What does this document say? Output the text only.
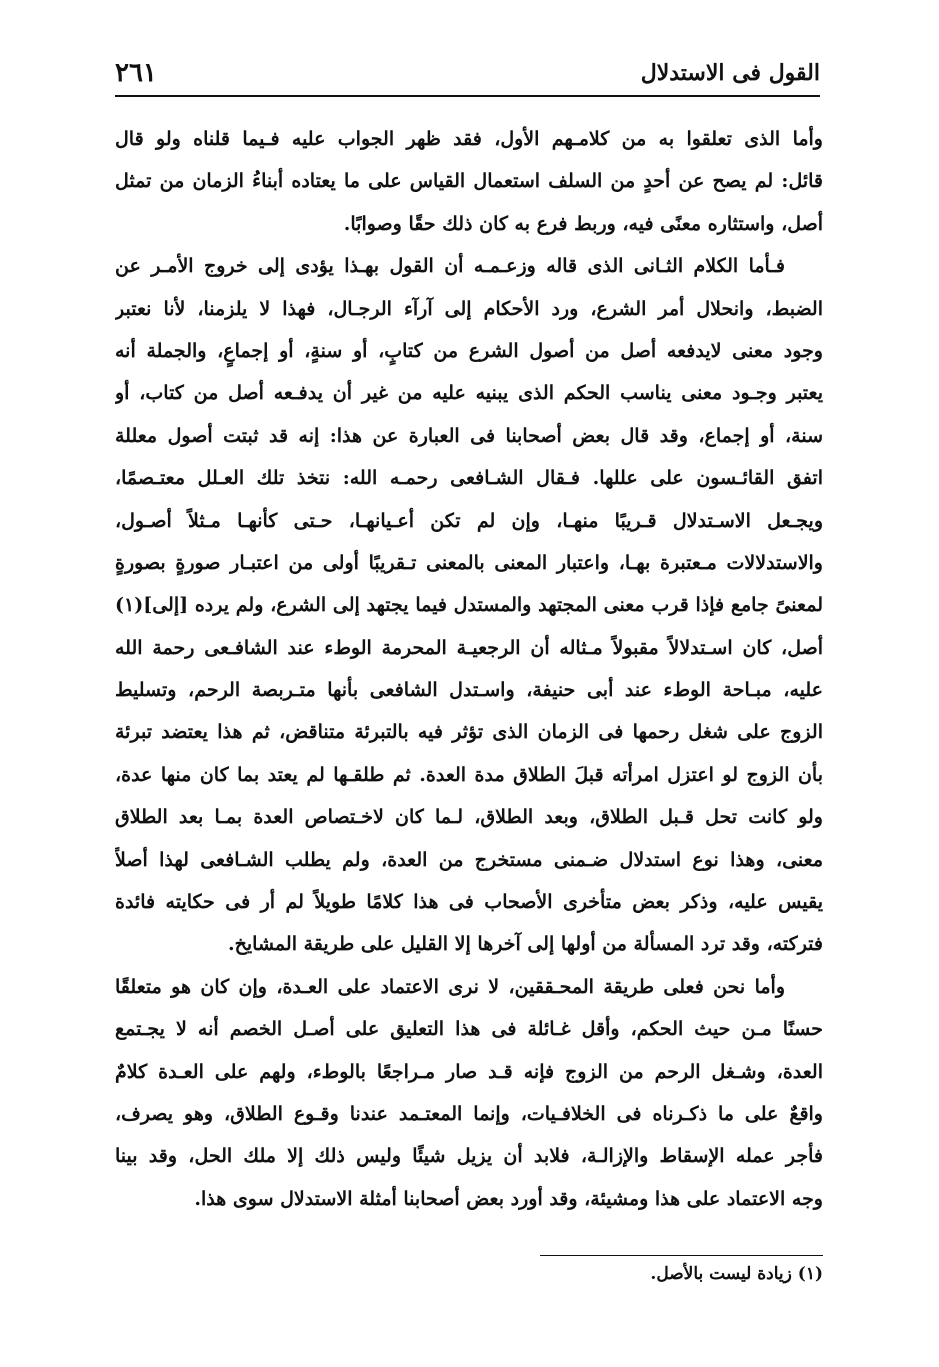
القول فى الاستدلال
٢٦١
وأما الذى تعلقوا به من كلامـهم الأول، فقد ظهر الجواب عليه فـيما قلناه ولو قال
قائل: لم يصح عن أحدٍ من السلف استعمال القياس على ما يعتاده أبناءُ الزمان من تمثل
أصل، واستثاره معنًى فيه، وربط فرع به كان ذلك حقًا وصوابًا.
فـأما الكلام الثـانى الذى قاله وزعـمـه أن القول بهـذا يؤدى إلى خروج الأمـر عن
الضبط، وانحلال أمر الشرع، ورد الأحكام إلى آرآء الرجـال، فهذا لا يلزمنا، لأنا نعتبر
وجود معنى لايدفعه أصل من أصول الشرع من كتابٍ، أو سنةٍ، أو إجماعٍ، والجملة أنه
يعتبر وجـود معنى يناسب الحكم الذى يبنيه عليه من غير أن يدفـعه أصل من كتاب، أو
سنة، أو إجماع، وقد قال بعض أصحابنا فى العبارة عن هذا: إنه قد ثبتت أصول معللة
اتفق القائـسون على عللها. فـقال الشـافعى رحمـه الله: نتخذ تلك العـلل معتـصمًا،
ويجـعل الاسـتدلال قـريبًا منهـا، وإن لم تكن أعـيانهـا، حـتى كأنهـا مـثلاً أصـول،
والاستدلالات مـعتبرة بهـا، واعتبار المعنى بالمعنى تـقريبًا أولى من اعتبـار صورةٍ بصورةٍ
لمعنىً جامع فإذا قرب معنى المجتهد والمستدل فيما يجتهد إلى الشرع، ولم يرده [إلى](١)
أصل، كان اسـتدلالاً مقبولاً مـثاله أن الرجعيـة المحرمة الوطء عند الشافـعى رحمة الله
عليه، مبـاحة الوطء عند أبى حنيفة، واسـتدل الشافعى بأنها متـربصة الرحم، وتسليط
الزوج على شغل رحمها فى الزمان الذى تؤثر فيه بالتبرئة متناقض، ثم هذا يعتضد تبرئة
بأن الزوج لو اعتزل امرأته قبلَ الطلاق مدة العدة. ثم طلقـها لم يعتد بما كان منها عدة،
ولو كانت تحل قـبل الطلاق، وبعد الطلاق، لـما كان لاخـتصاص العدة بمـا بعد الطلاق
معنى، وهذا نوع استدلال ضـمنى مستخرج من العدة، ولم يطلب الشـافعى لهذا أصلاً
يقيس عليه، وذكر بعض متأخرى الأصحاب فى هذا كلامًا طويلاً لم أر فى حكايته فائدة
فتركته، وقد ترد المسألة من أولها إلى آخرها إلا القليل على طريقة المشايخ.
وأما نحن فعلى طريقة المحـققين، لا نرى الاعتماد على العـدة، وإن كان هو متعلقًا
حسنًا مـن حيث الحكم، وأقل غـائلة فى هذا التعليق على أصـل الخصم أنه لا يجـتمع
العدة، وشـغل الرحم من الزوج فإنه قـد صار مـراجعًا بالوطء، ولهم على العـدة كلامٌ
واقعٌ على ما ذكـرناه فى الخلافـيات، وإنما المعتـمد عندنا وقـوع الطلاق، وهو يصرف،
فأجر عمله الإسقاط والإزالـة، فلابد أن يزيل شيئًا وليس ذلك إلا ملك الحل، وقد بينا
وجه الاعتماد على هذا ومشيئة، وقد أورد بعض أصحابنا أمثلة الاستدلال سوى هذا.
(١) زيادة ليست بالأصل.
